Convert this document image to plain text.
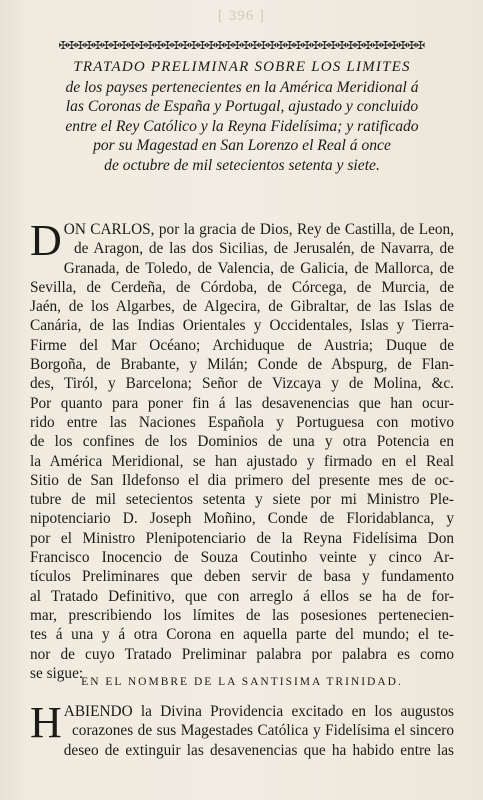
[ 396 ]
✠✠✠✠✠✠✠✠✠✠✠✠✠✠✠✠✠✠✠✠✠✠✠✠✠✠✠✠✠✠✠✠✠✠✠✠✠✠✠✠✠✠
TRATADO PRELIMINAR SOBRE LOS LIMITES
de los payses pertenecientes en la América Meridional á
las Coronas de España y Portugal, ajustado y concluido
entre el Rey Católico y la Reyna Fidelísima; y ratificado
por su Magestad en San Lorenzo el Real á once
de octubre de mil setecientos setenta y siete.
D ON CARLOS, por la gracia de Dios, Rey de Castilla, de Leon,
de Aragon, de las dos Sicilias, de Jerusalén, de Navarra, de
Granada, de Toledo, de Valencia, de Galicia, de Mallorca, de
Sevilla, de Cerdeña, de Córdoba, de Córcega, de Murcia, de
Jaén, de los Algarbes, de Algecira, de Gibraltar, de las Islas de
Canária, de las Indias Orientales y Occidentales, Islas y Tierra-
Firme del Mar Océano; Archiduque de Austria; Duque de
Borgoña, de Brabante, y Milán; Conde de Abspurg, de Flan-
des, Tiról, y Barcelona; Señor de Vizcaya y de Molina, &c.
Por quanto para poner fin á las desavenencias que han ocur-
rido entre las Naciones Española y Portuguesa con motivo
de los confines de los Dominios de una y otra Potencia en
la América Meridional, se han ajustado y firmado en el Real
Sitio de San Ildefonso el dia primero del presente mes de oc-
tubre de mil setecientos setenta y siete por mi Ministro Ple-
nipotenciario D. Joseph Moñino, Conde de Floridablanca, y
por el Ministro Plenipotenciario de la Reyna Fidelísima Don
Francisco Inocencio de Souza Coutinho veinte y cinco Ar-
tículos Preliminares que deben servir de basa y fundamento
al Tratado Definitivo, que con arreglo á ellos se ha de for-
mar, prescribiendo los límites de las posesiones pertenecien-
tes á una y á otra Corona en aquella parte del mundo; el te-
nor de cuyo Tratado Preliminar palabra por palabra es como
se sigue:
EN EL NOMBRE DE LA SANTISIMA TRINIDAD.
H ABIENDO la Divina Providencia excitado en los augustos
corazones de sus Magestades Católica y Fidelísima el sincero
deseo de extinguir las desavenencias que ha habido entre las
